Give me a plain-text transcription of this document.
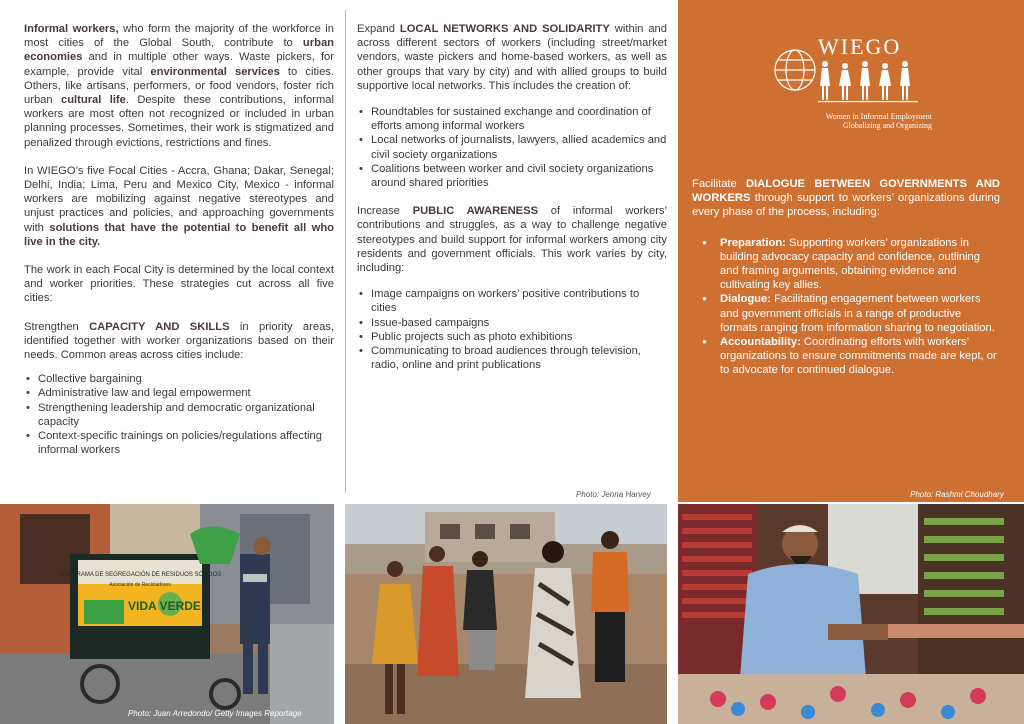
Informal workers, who form the majority of the workforce in most cities of the Global South, contribute to urban economies and in multiple other ways. Waste pickers, for example, provide vital environmental services to cities. Others, like artisans, performers, or food vendors, foster rich urban cultural life. Despite these contributions, informal workers are most often not recognized or included in urban planning processes. Sometimes, their work is stigmatized and penalized through evictions, restrictions and fines.

In WIEGO’s five Focal Cities - Accra, Ghana; Dakar, Senegal; Delhi, India; Lima, Peru and Mexico City, Mexico - informal workers are mobilizing against negative stereotypes and unjust practices and policies, and approaching governments with solutions that have the potential to benefit all who live in the city.

The work in each Focal City is determined by the local context and worker priorities. These strategies cut across all five cities:

Strengthen CAPACITY AND SKILLS in priority areas, identified together with worker organizations based on their needs. Common areas across cities include:

• Collective bargaining
• Administrative law and legal empowerment
• Strengthening leadership and democratic organizational capacity
• Context-specific trainings on policies/regulations affecting informal workers

Expand LOCAL NETWORKS AND SOLIDARITY within and across different sectors of workers (including street/market vendors, waste pickers and home-based workers, as well as other groups that vary by city) and with allied groups to build supportive local networks. This includes the creation of:

• Roundtables for sustained exchange and coordination of efforts among informal workers
• Local networks of journalists, lawyers, allied academics and civil society organizations
• Coalitions between worker and civil society organizations around shared priorities

Increase PUBLIC AWARENESS of informal workers’ contributions and struggles, as a way to challenge negative stereotypes and build support for informal workers among city residents and government officials. This work varies by city, including:

• Image campaigns on workers’ positive contributions to cities
• Issue-based campaigns
• Public projects such as photo exhibitions
• Communicating to broad audiences through television, radio, online and print publications
Photo: Jenna Harvey
WIEGO
Women in Informal Employment
Globalizing and Organizing

Facilitate DIALOGUE BETWEEN GOVERNMENTS AND WORKERS through support to workers’ organizations during every phase of the process, including:

● Preparation: Supporting workers’ organizations in building advocacy capacity and confidence, outlining and framing arguments, obtaining evidence and cultivating key allies.
● Dialogue: Facilitating engagement between workers and government officials in a range of productive formats ranging from information sharing to negotiation.
● Accountability: Coordinating efforts with workers’ organizations to ensure commitments made are kept, or to advocate for continued dialogue.
Photo: Rashmi Choudhary
PROGRAMA DE SEGREGACIÓN DE RESIDUOS SÓLIDOS
Asociación de Recicladores
VIDA VERDE
Photo: Juan Arredondo/ Getty Images Reportage
